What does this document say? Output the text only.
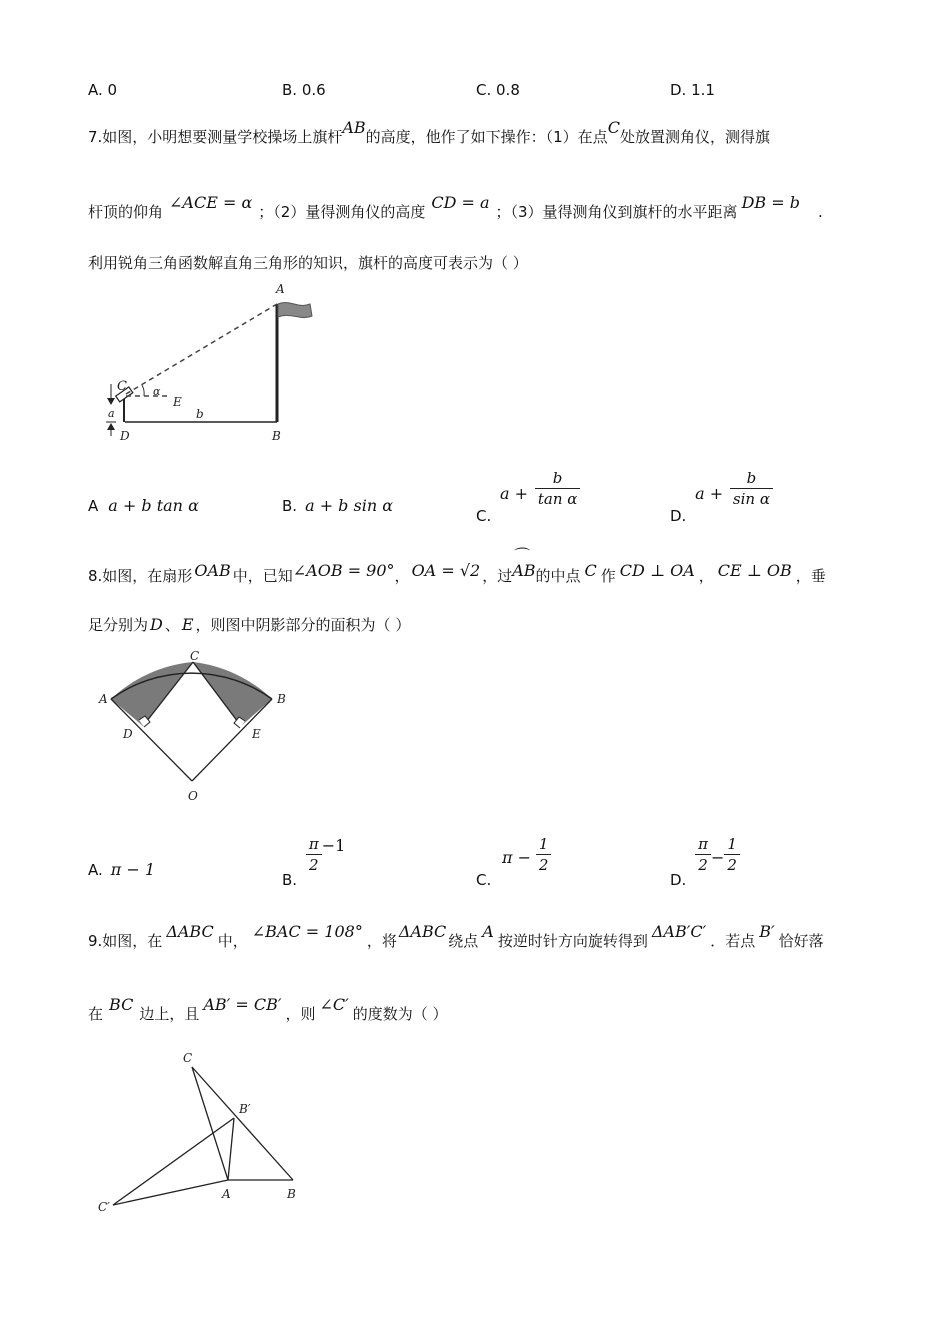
A. 0	B. 0.6	C. 0.8	D. 1.1
7.如图，小明想要测量学校操场上旗杆AB的高度，他作了如下操作：（1）在点C处放置测角仪，测得旗
杆顶的仰角 ∠ACE = α ；（2）量得测角仪的高度 CD = a ；（3）量得测角仪到旗杆的水平距离 DB = b .
利用锐角三角函数解直角三角形的知识，旗杆的高度可表示为（ ）
A
C α
E
a	b
D	B
A a + b tan α	B. a + b sin α
C. $a + \frac{b}{\text{tan α}}$
D. $a + \frac{b}{\text{sin α}}$
8.如图，在扇形 OAB 中，已知∠AOB = 90°， OA = √2 ，过
⌒
AB的中点 C 作 CD ⊥ OA ， CE ⊥ OB ，垂
足分别为 D 、 E ，则图中阴影部分的面积为（ ）
C
A	B
D	E
O
A. π − 1
B.
$\frac{\pi}{2} -1$
C. $\pi - \frac{1}{2}$
D.
$\frac{\pi}{2} - \frac{1}{2}$
9.如图，在 ΔABC 中， ∠BAC = 108° ，将 ΔABC 绕点 A 按逆时针方向旋转得到 ΔAB′C′ ．若点 B′ 恰好落
在 BC 边上，且 AB′ = CB′ ，则 ∠C′ 的度数为（ ）
C
B′
C′
A	B
